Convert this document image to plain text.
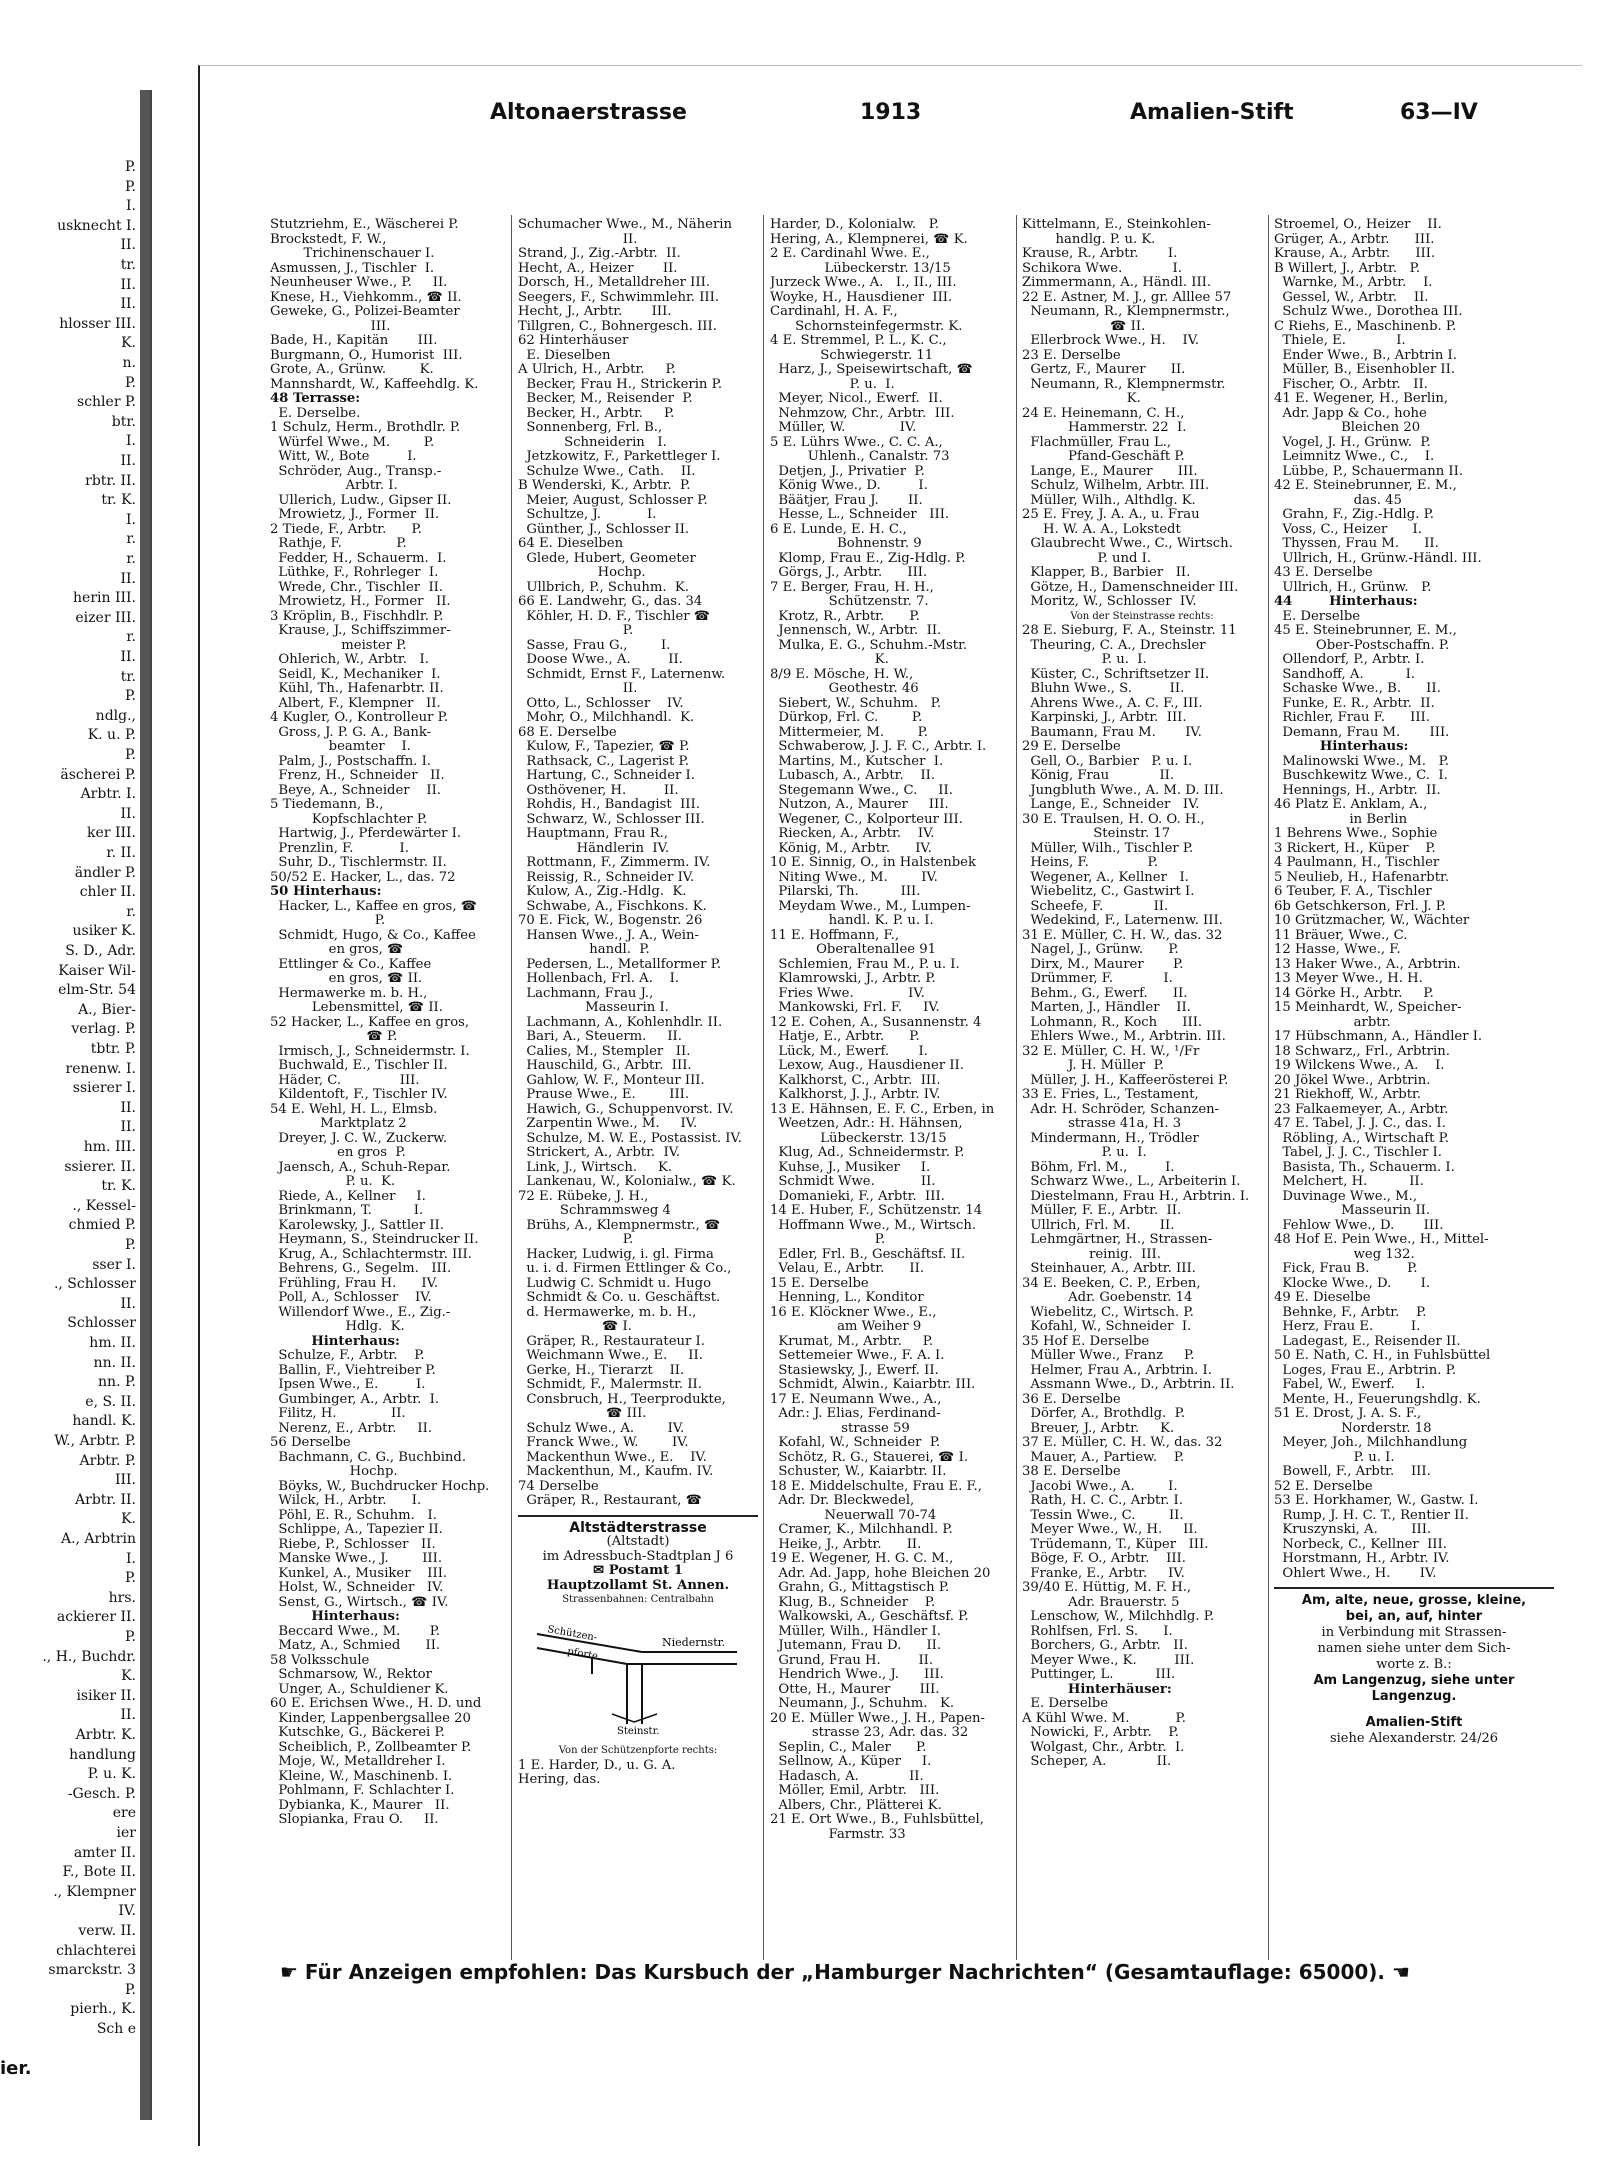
P.
P.
I.
usknecht I.
II.
tr.
II.
II.
hlosser III.
K.
n.
P.
schler P.
btr.
I.
II.
rbtr. II.
tr. K.
I.
r.
r.
II.
herin III.
eizer III.
r.
II.
tr.
P.
ndlg.,
K. u. P.
P.
äscherei P.
Arbtr. I.
II.
ker III.
r. II.
ändler P.
chler II.
r.
usiker K.
S. D., Adr.
Kaiser Wil-
elm-Str. 54
A., Bier-
verlag. P.
tbtr. P.
renenw. I.
ssierer I.
II.
II.
hm. III.
ssierer. II.
tr. K.
., Kessel-
chmied P.
P.
sser I.
., Schlosser
II.
Schlosser
hm. II.
nn. II.
nn. P.
e, S. II.
handl. K.
W., Arbtr. P.
Arbtr. P.
III.
Arbtr. II.
K.
A., Arbtrin
I.
P.
hrs.
ackierer II.
P.
., H., Buchdr.
K.
isiker II.
II.
Arbtr. K.
handlung
P. u. K.
-Gesch. P.
ere
ier
amter II.
F., Bote II.
., Klempner
IV.
verw. II.
chlachterei
smarckstr. 3
P.
pierh., K.
Sch e
ier.
Altonaerstrasse	1913	Amalien-Stift	63—IV
Stutzriehm, E., Wäscherei P.
Brockstedt, F. W.,
Trichinenschauer I.
Asmussen, J., Tischler  I.
Neunheuser Wwe., P.     II.
Knese, H., Viehkomm., ☎ II.
Geweke, G., Polizei-Beamter
III.
Bade, H., Kapitän       III.
Burgmann, O., Humorist  III.
Grote, A., Grünw.        K.
Mannshardt, W., Kaffeehdlg. K.
48 Terrasse:
E. Derselbe.
1 Schulz, Herm., Brothdlr. P.
Würfel Wwe., M.        P.
Witt, W., Bote         I.
Schröder, Aug., Transp.-
Arbtr. I.
Ullerich, Ludw., Gipser II.
Mrowietz, J., Former  II.
2 Tiede, F., Arbtr.      P.
Rathje, F.             P.
Fedder, H., Schauerm.  I.
Lüthke, F., Rohrleger  I.
Wrede, Chr., Tischler  II.
Mrowietz, H., Former   II.
3 Kröplin, B., Fischhdlr. P.
Krause, J., Schiffszimmer-
meister P.
Ohlerich, W., Arbtr.   I.
Seidl, K., Mechaniker  I.
Kühl, Th., Hafenarbtr. II.
Albert, F., Klempner   II.
4 Kugler, O., Kontrolleur P.
Gross, J. P. G. A., Bank-
beamter    I.
Palm, J., Postschaffn. I.
Frenz, H., Schneider   II.
Beye, A., Schneider    II.
5 Tiedemann, B.,
Kopfschlachter P.
Hartwig, J., Pferdewärter I.
Prenzlin, F.           I.
Suhr, D., Tischlermstr. II.
50/52 E. Hacker, L., das. 72
50 Hinterhaus:
Hacker, L., Kaffee en gros, ☎
P.
Schmidt, Hugo, & Co., Kaffee
en gros, ☎
Ettlinger & Co., Kaffee
en gros, ☎ II.
Hermawerke m. b. H.,
Lebensmittel, ☎ II.
52 Hacker, L., Kaffee en gros,
☎ P.
Irmisch, J., Schneidermstr. I.
Buchwald, E., Tischler II.
Häder, C.              III.
Kildentoft, F., Tischler IV.
54 E. Wehl, H. L., Elmsb.
Marktplatz 2
Dreyer, J. C. W., Zuckerw.
en gros  P.
Jaensch, A., Schuh-Repar.
P. u.  K.
Riede, A., Kellner     I.
Brinkmann, T.          I.
Karolewsky, J., Sattler II.
Heymann, S., Steindrucker II.
Krug, A., Schlachtermstr. III.
Behrens, G., Segelm.   III.
Frühling, Frau H.      IV.
Poll, A., Schlosser    IV.
Willendorf Wwe., E., Zig.-
Hdlg.  K.
Hinterhaus:
Schulze, F., Arbtr.    P.
Ballin, F., Viehtreiber P.
Ipsen Wwe., E.         I.
Gumbinger, A., Arbtr.  I.
Filitz, H.             II.
Nerenz, E., Arbtr.     II.
56 Derselbe
Bachmann, C. G., Buchbind.
Hochp.
Böyks, W., Buchdrucker Hochp.
Wilck, H., Arbtr.      I.
Pöhl, E. R., Schuhm.   I.
Schlippe, A., Tapezier II.
Riebe, P., Schlosser   II.
Manske Wwe., J.        III.
Kunkel, A., Musiker    III.
Holst, W., Schneider   IV.
Senst, G., Wirtsch., ☎ IV.
Hinterhaus:
Beccard Wwe., M.       P.
Matz, A., Schmied      II.
58 Volksschule
Schmarsow, W., Rektor
Unger, A., Schuldiener K.
60 E. Erichsen Wwe., H. D. und
Kinder, Lappenbergsallee 20
Kutschke, G., Bäckerei P.
Scheiblich, P., Zollbeamter P.
Moje, W., Metalldreher I.
Kleine, W., Maschinenb. I.
Pohlmann, F. Schlachter I.
Dybianka, K., Maurer   II.
Slopianka, Frau O.     II.
Schumacher Wwe., M., Näherin
II.
Strand, J., Zig.-Arbtr.  II.
Hecht, A., Heizer       II.
Dorsch, H., Metalldreher III.
Seegers, F., Schwimmlehr. III.
Hecht, J., Arbtr.       III.
Tillgren, C., Bohnergesch. III.
62 Hinterhäuser
E. Dieselben
A Ulrich, H., Arbtr.     P.
Becker, Frau H., Strickerin P.
Becker, M., Reisender  P.
Becker, H., Arbtr.     P.
Sonnenberg, Frl. B.,
Schneiderin   I.
Jetzkowitz, F., Parkettleger I.
Schulze Wwe., Cath.    II.
B Wenderski, K., Arbtr.  P.
Meier, August, Schlosser P.
Schultze, J.           I.
Günther, J., Schlosser II.
64 E. Dieselben
Glede, Hubert, Geometer
Hochp.
Ullbrich, P., Schuhm.  K.
66 E. Landwehr, G., das. 34
Köhler, H. D. F., Tischler ☎
P.
Sasse, Frau G.,        I.
Doose Wwe., A.         II.
Schmidt, Ernst F., Laternenw.
II.
Otto, L., Schlosser    IV.
Mohr, O., Milchhandl.  K.
68 E. Derselbe
Kulow, F., Tapezier, ☎ P.
Rathsack, C., Lagerist P.
Hartung, C., Schneider I.
Osthövener, H.         II.
Rohdis, H., Bandagist  III.
Schwarz, W., Schlosser III.
Hauptmann, Frau R.,
Händlerin  IV.
Rottmann, F., Zimmerm. IV.
Reissig, R., Schneider IV.
Kulow, A., Zig.-Hdlg.  K.
Schwabe, A., Fischkons. K.
70 E. Fick, W., Bogenstr. 26
Hansen Wwe., J. A., Wein-
handl.  P.
Pedersen, L., Metallformer P.
Hollenbach, Frl. A.    I.
Lachmann, Frau J.,
Masseurin I.
Lachmann, A., Kohlenhdlr. II.
Bari, A., Steuerm.     II.
Calies, M., Stempler   II.
Hauschild, G., Arbtr.  III.
Gahlow, W. F., Monteur III.
Prause Wwe., E.        III.
Hawich, G., Schuppenvorst. IV.
Zarpentin Wwe., M.     IV.
Schulze, M. W. E., Postassist. IV.
Strickert, A., Arbtr.  IV.
Link, J., Wirtsch.     K.
Lankenau, W., Kolonialw., ☎ K.
72 E. Rübeke, J. H.,
Schrammsweg 4
Brühs, A., Klempnermstr., ☎
P.
Hacker, Ludwig, i. gl. Firma
u. i. d. Firmen Ettlinger & Co.,
Ludwig C. Schmidt u. Hugo
Schmidt & Co. u. Geschäftst.
d. Hermawerke, m. b. H.,
☎ I.
Gräper, R., Restaurateur I.
Weichmann Wwe., E.     II.
Gerke, H., Tierarzt    II.
Schmidt, F., Malermstr. II.
Consbruch, H., Teerprodukte,
☎ III.
Schulz Wwe., A.        IV.
Franck Wwe., W.        IV.
Mackenthun Wwe., E.    IV.
Mackenthun, M., Kaufm. IV.
74 Derselbe
Gräper, R., Restaurant, ☎
Altstädterstrasse
(Altstadt)
im Adressbuch-Stadtplan J 6
✉ Postamt 1
Hauptzollamt St. Annen.
Strassenbahnen: Centralbahn
Schützen-
pforte
Niedernstr.
Steinstr.
Von der Schützenpforte rechts:
1 E. Harder, D., u. G. A.
Hering, das.
Harder, D., Kolonialw.   P.
Hering, A., Klempnerei, ☎ K.
2 E. Cardinahl Wwe. E.,
Lübeckerstr. 13/15
Jurzeck Wwe., A.   I., II., III.
Woyke, H., Hausdiener  III.
Cardinahl, H. A. F.,
Schornsteinfegermstr. K.
4 E. Stremmel, P. L., K. C.,
Schwiegerstr. 11
Harz, J., Speisewirtschaft, ☎
P. u.  I.
Meyer, Nicol., Ewerf.  II.
Nehmzow, Chr., Arbtr.  III.
Müller, W.             IV.
5 E. Lührs Wwe., C. C. A.,
Uhlenh., Canalstr. 73
Detjen, J., Privatier  P.
König Wwe., D.         I.
Bäätjer, Frau J.       II.
Hesse, L., Schneider   III.
6 E. Lunde, E. H. C.,
Bohnenstr. 9
Klomp, Frau E., Zig-Hdlg. P.
Görgs, J., Arbtr.      III.
7 E. Berger, Frau, H. H.,
Schützenstr. 7.
Krotz, R., Arbtr.      P.
Jennensch, W., Arbtr.  II.
Mulka, E. G., Schuhm.-Mstr.
K.
8/9 E. Mösche, H. W.,
Geothestr. 46
Siebert, W., Schuhm.   P.
Dürkop, Frl. C.        P.
Mittermeier, M.        P.
Schwaberow, J. J. F. C., Arbtr. I.
Martins, M., Kutscher  I.
Lubasch, A., Arbtr.    II.
Stegemann Wwe., C.     II.
Nutzon, A., Maurer     III.
Wegener, C., Kolporteur III.
Riecken, A., Arbtr.    IV.
König, M., Arbtr.      IV.
10 E. Sinnig, O., in Halstenbek
Niting Wwe., M.        IV.
Pilarski, Th.          III.
Meydam Wwe., M., Lumpen-
handl. K. P. u. I.
11 E. Hoffmann, F.,
Oberaltenallee 91
Schlemien, Frau M., P. u. I.
Klamrowski, J., Arbtr. P.
Fries Wwe.             IV.
Mankowski, Frl. F.     IV.
12 E. Cohen, A., Susannenstr. 4
Hatje, E., Arbtr.      P.
Lück, M., Ewerf.       I.
Lexow, Aug., Hausdiener II.
Kalkhorst, C., Arbtr.  III.
Kalkhorst, J. J., Arbtr. IV.
13 E. Hähnsen, E. F. C., Erben, in
Weetzen, Adr.: H. Hähnsen,
Lübeckerstr. 13/15
Klug, Ad., Schneidermstr. P.
Kuhse, J., Musiker     I.
Schmidt Wwe.           II.
Domanieki, F., Arbtr.  III.
14 E. Huber, F., Schützenstr. 14
Hoffmann Wwe., M., Wirtsch.
P.
Edler, Frl. B., Geschäftsf. II.
Velau, E., Arbtr.      II.
15 E. Derselbe
Henning, L., Konditor
16 E. Klöckner Wwe., E.,
am Weiher 9
Krumat, M., Arbtr.     P.
Settemeier Wwe., F. A. I.
Stasiewsky, J., Ewerf. II.
Schmidt, Alwin., Kaiarbtr. III.
17 E. Neumann Wwe., A.,
Adr.: J. Elias, Ferdinand-
strasse 59
Kofahl, W., Schneider  P.
Schötz, R. G., Stauerei, ☎ I.
Schuster, W., Kaiarbtr. II.
18 E. Middelschulte, Frau E. F.,
Adr. Dr. Bleckwedel,
Neuerwall 70-74
Cramer, K., Milchhandl. P.
Heike, J., Arbtr.      II.
19 E. Wegener, H. G. C. M.,
Adr. Ad. Japp, hohe Bleichen 20
Grahn, G., Mittagstisch P.
Klug, B., Schneider    P.
Walkowski, A., Geschäftsf. P.
Müller, Wilh., Händler I.
Jutemann, Frau D.      II.
Grund, Frau H.         II.
Hendrich Wwe., J.      III.
Otte, H., Maurer       III.
Neumann, J., Schuhm.   K.
20 E. Müller Wwe., J. H., Papen-
strasse 23, Adr. das. 32
Seplin, C., Maler      P.
Sellnow, A., Küper     I.
Hadasch, A.            II.
Möller, Emil, Arbtr.   III.
Albers, Chr., Plätterei K.
21 E. Ort Wwe., B., Fuhlsbüttel,
Farmstr. 33
Kittelmann, E., Steinkohlen-
handlg. P. u. K.
Krause, R., Arbtr.       I.
Schikora Wwe.            I.
Zimmermann, A., Händl. III.
22 E. Astner, M. J., gr. Alllee 57
Neumann, R., Klempnermstr.,
☎ II.
Ellerbrock Wwe., H.    IV.
23 E. Derselbe
Gertz, F., Maurer      II.
Neumann, R., Klempnermstr.
K.
24 E. Heinemann, C. H.,
Hammerstr. 22  I.
Flachmüller, Frau L.,
Pfand-Geschäft P.
Lange, E., Maurer      III.
Schulz, Wilhelm, Arbtr. III.
Müller, Wilh., Althdlg. K.
25 E. Frey, J. A. A., u. Frau
H. W. A. A., Lokstedt
Glaubrecht Wwe., C., Wirtsch.
P. und I.
Klapper, B., Barbier   II.
Götze, H., Damenschneider III.
Moritz, W., Schlosser  IV.
Von der Steinstrasse rechts:
28 E. Sieburg, F. A., Steinstr. 11
Theuring, C. A., Drechsler
P. u.  I.
Küster, C., Schriftsetzer II.
Bluhn Wwe., S.         II.
Ahrens Wwe., A. C. F., III.
Karpinski, J., Arbtr.  III.
Baumann, Frau M.       IV.
29 E. Derselbe
Gell, O., Barbier   P. u. I.
König, Frau            II.
Jungbluth Wwe., A. M. D. III.
Lange, E., Schneider   IV.
30 E. Traulsen, H. O. O. H.,
Steinstr. 17
Müller, Wilh., Tischler P.
Heins, F.              P.
Wegener, A., Kellner   I.
Wiebelitz, C., Gastwirt I.
Scheefe, F.            II.
Wedekind, F., Laternenw. III.
31 E. Müller, C. H. W., das. 32
Nagel, J., Grünw.      P.
Dirx, M., Maurer       P.
Drümmer, F.            I.
Behm., G., Ewerf.      II.
Marten, J., Händler    II.
Lohmann, R., Koch      III.
Ehlers Wwe., M., Arbtrin. III.
32 E. Müller, C. H. W., ¹/Fr
J. H. Müller  P.
Müller, J. H., Kaffeerösterei P.
33 E. Fries, L., Testament,
Adr. H. Schröder, Schanzen-
strasse 41a, H. 3
Mindermann, H., Trödler
P. u.  I.
Böhm, Frl. M.,         I.
Schwarz Wwe., L., Arbeiterin I.
Diestelmann, Frau H., Arbtrin. I.
Müller, F. E., Arbtr.  II.
Ullrich, Frl. M.       II.
Lehmgärtner, H., Strassen-
reinig.  III.
Steinhauer, A., Arbtr. III.
34 E. Beeken, C. P., Erben,
Adr. Goebenstr. 14
Wiebelitz, C., Wirtsch. P.
Kofahl, W., Schneider  I.
35 Hof E. Derselbe
Müller Wwe., Franz     P.
Helmer, Frau A., Arbtrin. I.
Assmann Wwe., D., Arbtrin. II.
36 E. Derselbe
Dörfer, A., Brothdlg.  P.
Breuer, J., Arbtr.     K.
37 E. Müller, C. H. W., das. 32
Mauer, A., Partiew.    P.
38 E. Derselbe
Jacobi Wwe., A.        I.
Rath, H. C. C., Arbtr. I.
Tessin Wwe., C.        II.
Meyer Wwe., W., H.     II.
Trüdemann, T., Küper   III.
Böge, F. O., Arbtr.    III.
Franke, E., Arbtr.     IV.
39/40 E. Hüttig, M. F. H.,
Adr. Brauerstr. 5
Lenschow, W., Milchhdlg. P.
Rohlfsen, Frl. S.      I.
Borchers, G., Arbtr.   II.
Meyer Wwe., K.         III.
Puttinger, L.          III.
Hinterhäuser:
E. Derselbe
A Kühl Wwe. M.           P.
Nowicki, F., Arbtr.    P.
Wolgast, Chr., Arbtr.  I.
Scheper, A.            II.
Stroemel, O., Heizer    II.
Grüger, A., Arbtr.      III.
Krause, A., Arbtr.      III.
B Willert, J., Arbtr.   P.
Warnke, M., Arbtr.    I.
Gessel, W., Arbtr.    II.
Schulz Wwe., Dorothea III.
C Riehs, E., Maschinenb. P.
Thiele, E.            I.
Ender Wwe., B., Arbtrin I.
Müller, B., Eisenhobler II.
Fischer, O., Arbtr.   II.
41 E. Wegener, H., Berlin,
Adr. Japp & Co., hohe
Bleichen 20
Vogel, J. H., Grünw.  P.
Leimnitz Wwe., C.,    I.
Lübbe, P., Schauermann II.
42 E. Steinebrunner, E. M.,
das. 45
Grahn, F., Zig.-Hdlg. P.
Voss, C., Heizer      I.
Thyssen, Frau M.      II.
Ullrich, H., Grünw.-Händl. III.
43 E. Derselbe
Ullrich, H., Grünw.   P.
44        Hinterhaus:
E. Derselbe
45 E. Steinebrunner, E. M.,
Ober-Postschaffn. P.
Ollendorf, P., Arbtr. I.
Sandhoff, A.          I.
Schaske Wwe., B.      II.
Funke, E. R., Arbtr.  II.
Richler, Frau F.      III.
Demann, Frau M.       III.
Hinterhaus:
Malinowski Wwe., M.   P.
Buschkewitz Wwe., C.  I.
Hennings, H., Arbtr.  II.
46 Platz E. Anklam, A.,
in Berlin
1 Behrens Wwe., Sophie
3 Rickert, H., Küper    P.
4 Paulmann, H., Tischler
5 Neulieb, H., Hafenarbtr.
6 Teuber, F. A., Tischler
6b Getschkerson, Frl. J. P.
10 Grützmacher, W., Wächter
11 Bräuer, Wwe., C.
12 Hasse, Wwe., F.
13 Haker Wwe., A., Arbtrin.
13 Meyer Wwe., H. H.
14 Görke H., Arbtr.     P.
15 Meinhardt, W., Speicher-
arbtr.
17 Hübschmann, A., Händler I.
18 Schwarz,, Frl., Arbtrin.
19 Wilckens Wwe., A.    I.
20 Jökel Wwe., Arbtrin.
21 Riekhoff, W., Arbtr.
23 Falkaemeyer, A., Arbtr.
47 E. Tabel, J. J. C., das. I.
Röbling, A., Wirtschaft P.
Tabel, J. J. C., Tischler I.
Basista, Th., Schauerm. I.
Melchert, H.          II.
Duvinage Wwe., M.,
Masseurin II.
Fehlow Wwe., D.       III.
48 Hof E. Pein Wwe., H., Mittel-
weg 132.
Fick, Frau B.         P.
Klocke Wwe., D.       I.
49 E. Dieselbe
Behnke, F., Arbtr.    P.
Herz, Frau E.         I.
Ladegast, E., Reisender II.
50 E. Nath, C. H., in Fuhlsbüttel
Loges, Frau E., Arbtrin. P.
Fabel, W., Ewerf.     I.
Mente, H., Feuerungshdlg. K.
51 E. Drost, J. A. S. F.,
Norderstr. 18
Meyer, Joh., Milchhandlung
P. u. I.
Bowell, F., Arbtr.    III.
52 E. Derselbe
53 E. Horkhamer, W., Gastw. I.
Rump, J. H. C. T., Rentier II.
Kruszynski, A.        III.
Norbeck, C., Kellner  III.
Horstmann, H., Arbtr. IV.
Ohlert Wwe., H.       IV.
Am, alte, neue, grosse, kleine,
bei, an, auf, hinter
in Verbindung mit Strassen-
namen siehe unter dem Sich-
worte z. B.:
Am Langenzug, siehe unter
Langenzug.
Amalien-Stift
siehe Alexanderstr. 24/26
☛ Für Anzeigen empfohlen: Das Kursbuch der „Hamburger Nachrichten“ (Gesamtauflage: 65000). ☚
